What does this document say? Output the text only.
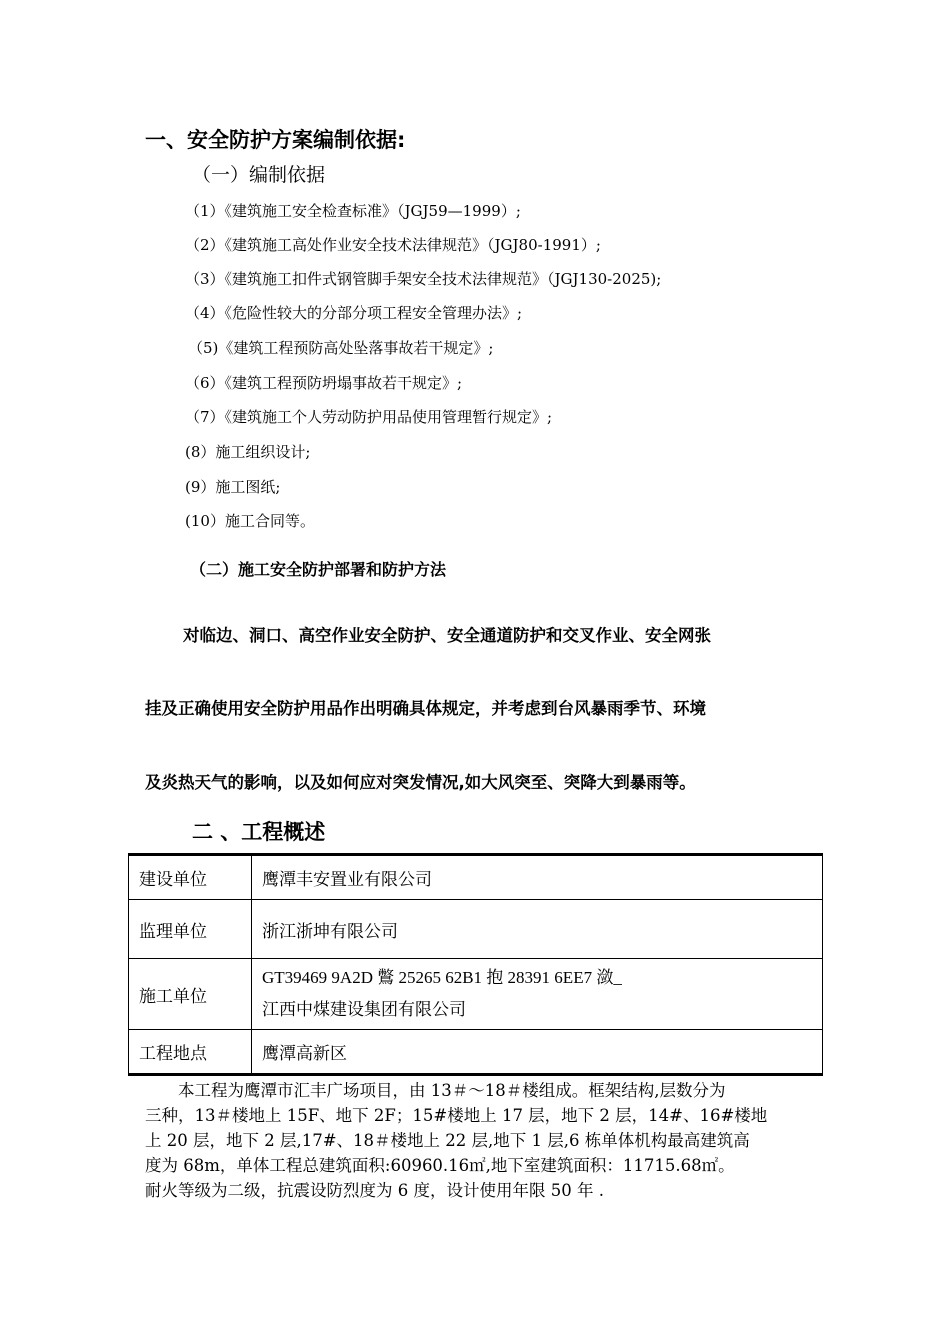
一、安全防护方案编制依据:
（一）编制依据
（1）《建筑施工安全检查标准》（JGJ59—1999）;
（2）《建筑施工高处作业安全技术法律规范》（JGJ80-1991）;
（3）《建筑施工扣件式钢管脚手架安全技术法律规范》（JGJ130-2025);
（4）《危险性较大的分部分项工程安全管理办法》;
（5)《建筑工程预防高处坠落事故若干规定》;
（6）《建筑工程预防坍塌事故若干规定》;
（7）《建筑施工个人劳动防护用品使用管理暂行规定》;
(8）施工组织设计;
(9）施工图纸;
(10）施工合同等。
（二）施工安全防护部署和防护方法
对临边、洞口、高空作业安全防护、安全通道防护和交叉作业、安全网张
挂及正确使用安全防护用品作出明确具体规定，并考虑到台风暴雨季节、环境
及炎热天气的影响，以及如何应对突发情况,如大风突至、突降大到暴雨等。
二 、工程概述
建设单位	鹰潭丰安置业有限公司
监理单位	浙江浙坤有限公司
施工单位	GT39469 9A2D 鷩 25265 62B1 抱 28391 6EE7 潋_
江西中煤建设集团有限公司

工程地点	鹰潭高新区
　　本工程为鹰潭市汇丰广场项目，由 13＃～18＃楼组成。框架结构,层数分为
三种，13＃楼地上 15F、地下 2F；15#楼地上 17 层，地下 2 层，14#、16#楼地
上 20 层，地下 2 层,17#、18＃楼地上 22 层,地下 1 层,6 栋单体机构最高建筑高
度为 68m，单体工程总建筑面积:60960.16㎡,地下室建筑面积：11715.68㎡。
耐火等级为二级，抗震设防烈度为 6 度，设计使用年限 50 年 .
